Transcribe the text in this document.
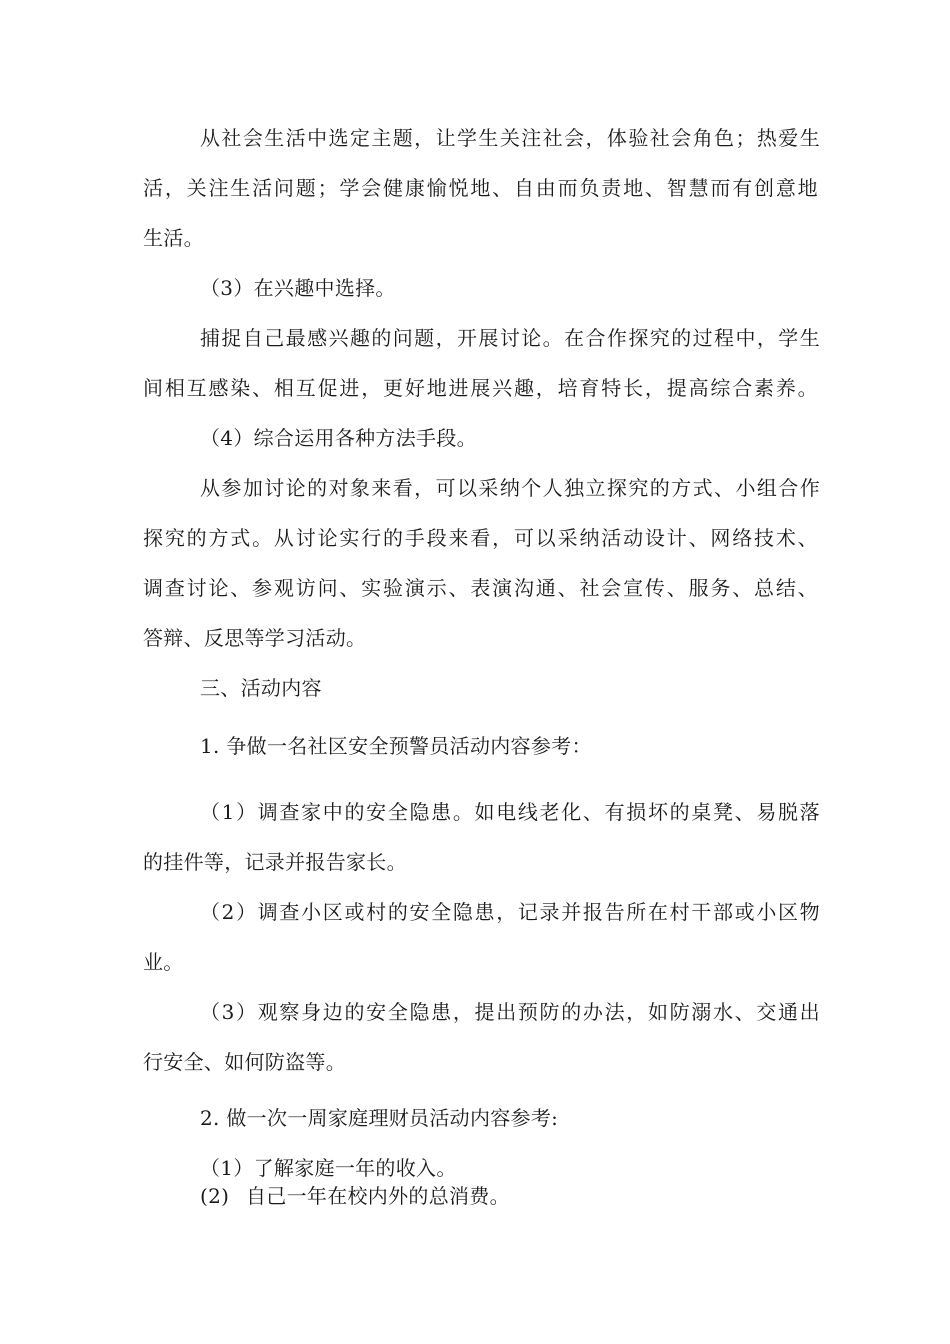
从社会生活中选定主题，让学生关注社会，体验社会角色；热爱生
活，关注生活问题；学会健康愉悦地、自由而负责地、智慧而有创意地
生活。
（3）在兴趣中选择。
捕捉自己最感兴趣的问题，开展讨论。在合作探究的过程中，学生
间相互感染、相互促进，更好地进展兴趣，培育特长，提高综合素养。
（4）综合运用各种方法手段。
从参加讨论的对象来看，可以采纳个人独立探究的方式、小组合作
探究的方式。从讨论实行的手段来看，可以采纳活动设计、网络技术、
调查讨论、参观访问、实验演示、表演沟通、社会宣传、服务、总结、
答辩、反思等学习活动。
三、活动内容
1. 争做一名社区安全预警员活动内容参考：
（1）调查家中的安全隐患。如电线老化、有损坏的桌凳、易脱落
的挂件等，记录并报告家长。
（2）调查小区或村的安全隐患，记录并报告所在村干部或小区物
业。
（3）观察身边的安全隐患，提出预防的办法，如防溺水、交通出
行安全、如何防盗等。
2. 做一次一周家庭理财员活动内容参考:
（1）了解家庭一年的收入。
(2) 自己一年在校内外的总消费。
